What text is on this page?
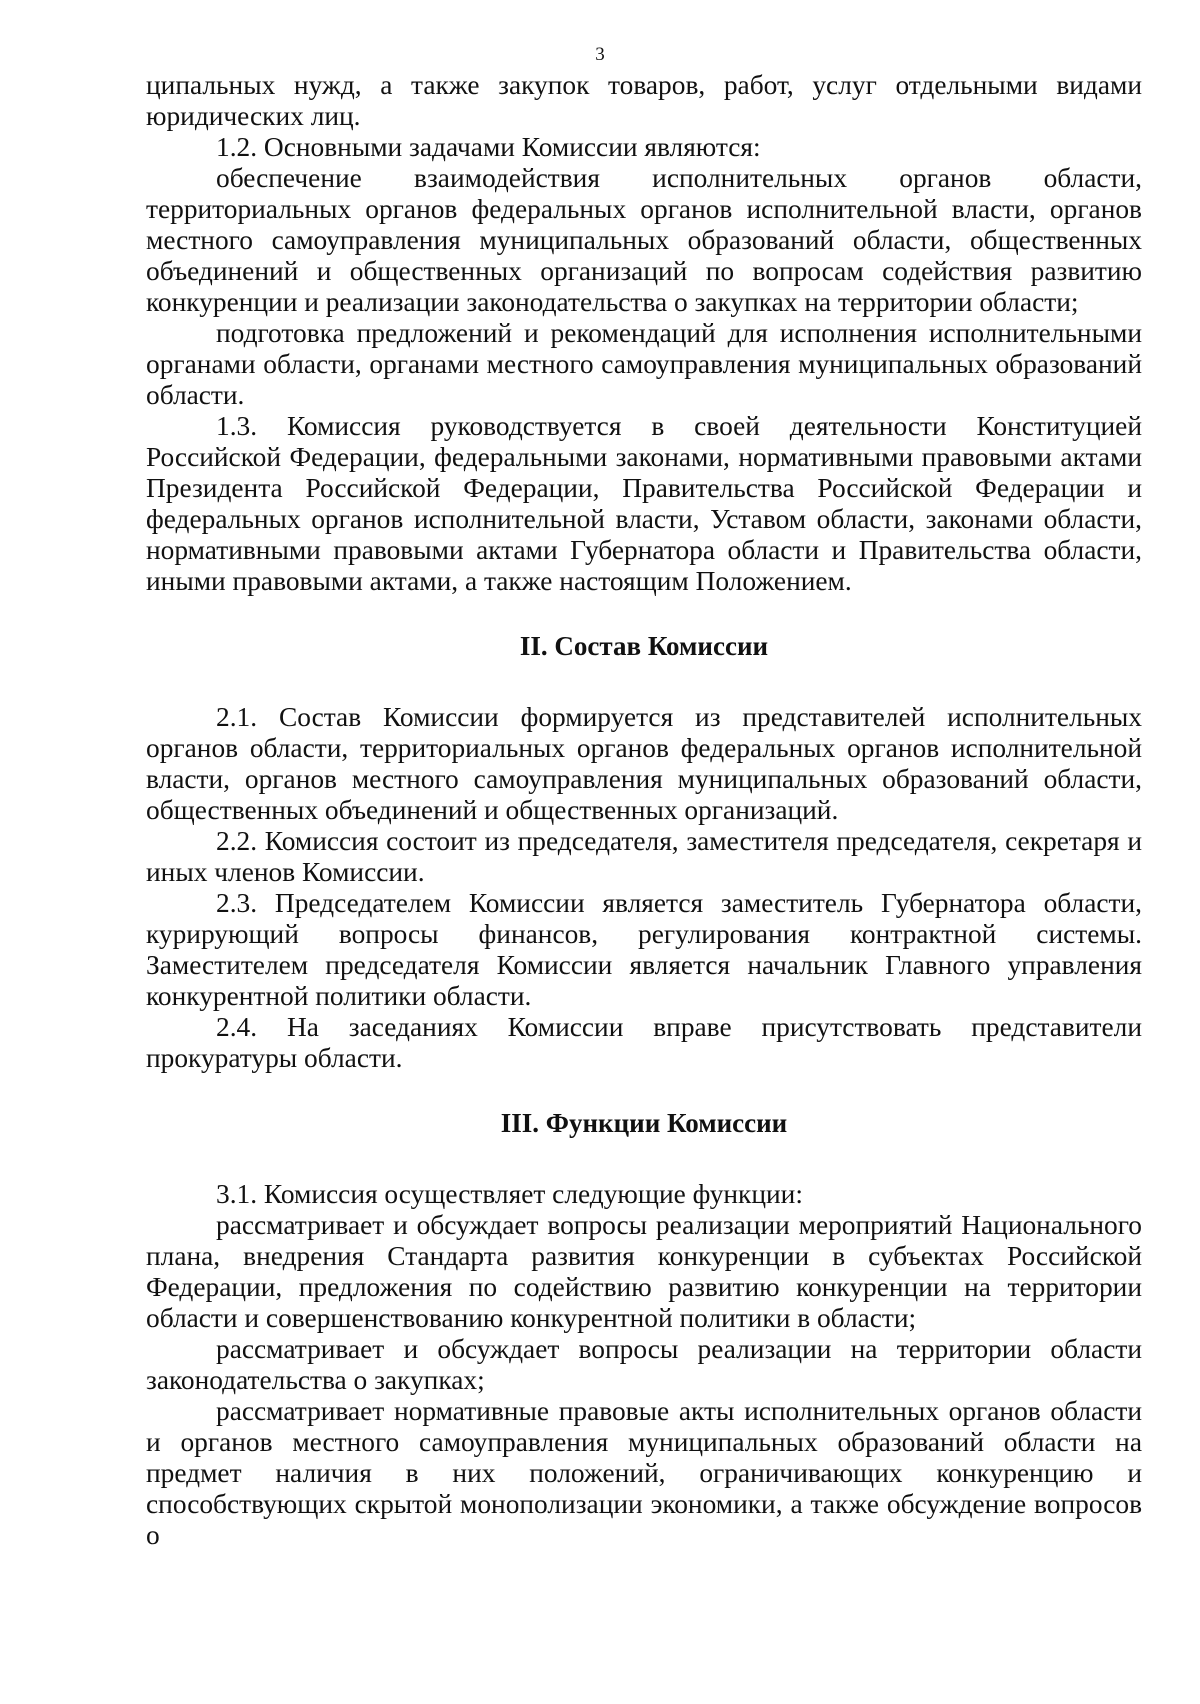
3

ципальных нужд, а также закупок товаров, работ, услуг отдельными видами юридических лиц.

1.2. Основными задачами Комиссии являются:

обеспечение взаимодействия исполнительных органов области, территориальных органов федеральных органов исполнительной власти, органов местного самоуправления муниципальных образований области, общественных объединений и общественных организаций по вопросам содействия развитию конкуренции и реализации законодательства о закупках на территории области;

подготовка предложений и рекомендаций для исполнения исполнительными органами области, органами местного самоуправления муниципальных образований области.

1.3. Комиссия руководствуется в своей деятельности Конституцией Российской Федерации, федеральными законами, нормативными правовыми актами Президента Российской Федерации, Правительства Российской Федерации и федеральных органов исполнительной власти, Уставом области, законами области, нормативными правовыми актами Губернатора области и Правительства области, иными правовыми актами, а также настоящим Положением.

II. Состав Комиссии

2.1. Состав Комиссии формируется из представителей исполнительных органов области, территориальных органов федеральных органов исполнительной власти, органов местного самоуправления муниципальных образований области, общественных объединений и общественных организаций.

2.2. Комиссия состоит из председателя, заместителя председателя, секретаря и иных членов Комиссии.

2.3. Председателем Комиссии является заместитель Губернатора области, курирующий вопросы финансов, регулирования контрактной системы. Заместителем председателя Комиссии является начальник Главного управления конкурентной политики области.

2.4. На заседаниях Комиссии вправе присутствовать представители прокуратуры области.

III. Функции Комиссии

3.1. Комиссия осуществляет следующие функции:

рассматривает и обсуждает вопросы реализации мероприятий Национального плана, внедрения Стандарта развития конкуренции в субъектах Российской Федерации, предложения по содействию развитию конкуренции на территории области и совершенствованию конкурентной политики в области;

рассматривает и обсуждает вопросы реализации на территории области законодательства о закупках;

рассматривает нормативные правовые акты исполнительных органов области и органов местного самоуправления муниципальных образований области на предмет наличия в них положений, ограничивающих конкуренцию и способствующих скрытой монополизации экономики, а также обсуждение вопросов о
